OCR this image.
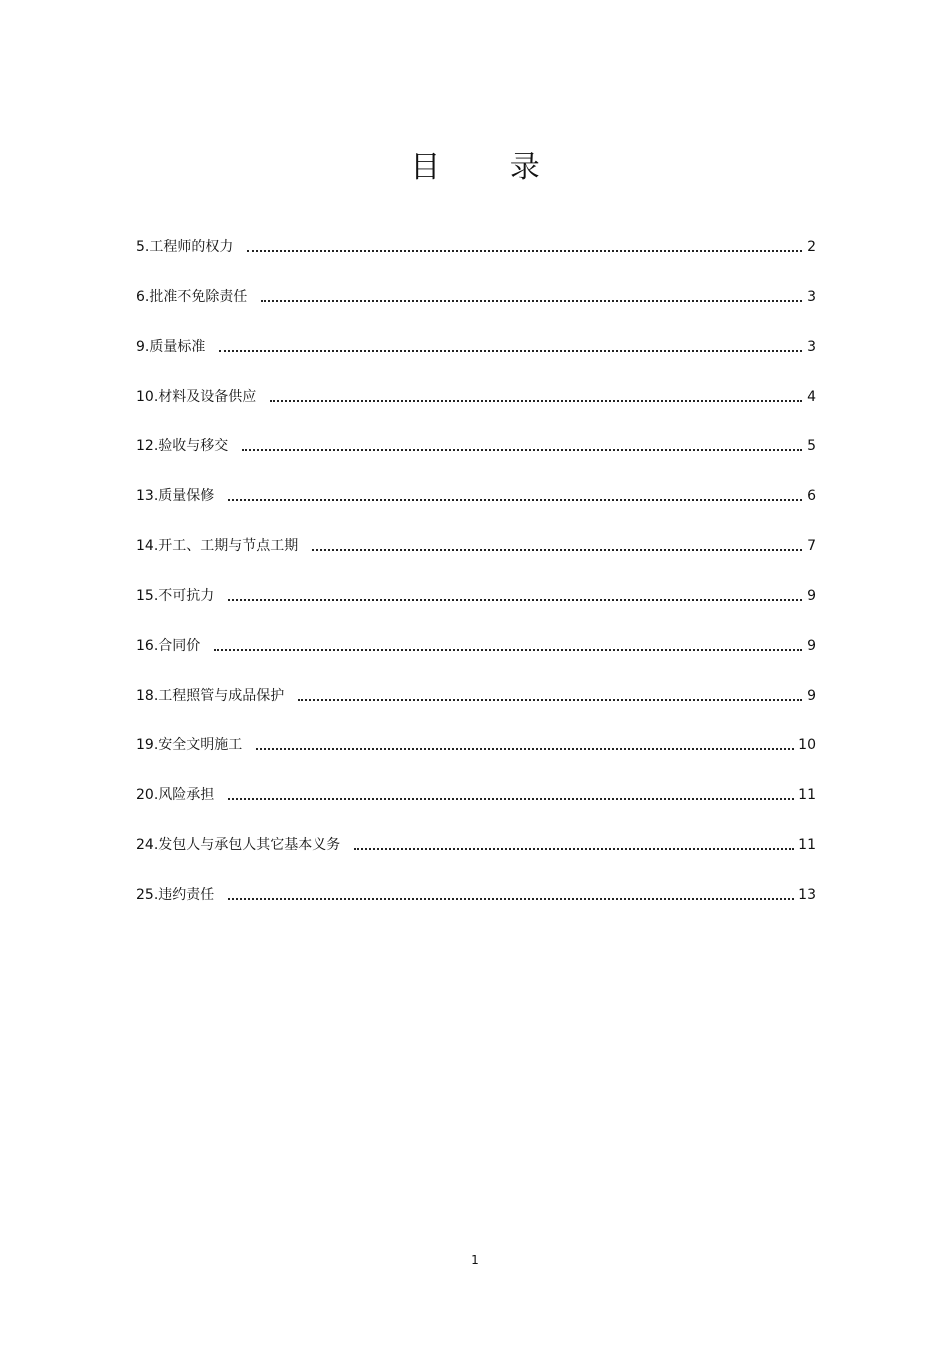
目 录
5.工程师的权力	2
6.批准不免除责任	3
9.质量标准	3
10.材料及设备供应	4
12.验收与移交	5
13.质量保修	6
14.开工、工期与节点工期	7
15.不可抗力	9
16.合同价	9
18.工程照管与成品保护	9
19.安全文明施工	10
20.风险承担	11
24.发包人与承包人其它基本义务	11
25.违约责任	13
1
